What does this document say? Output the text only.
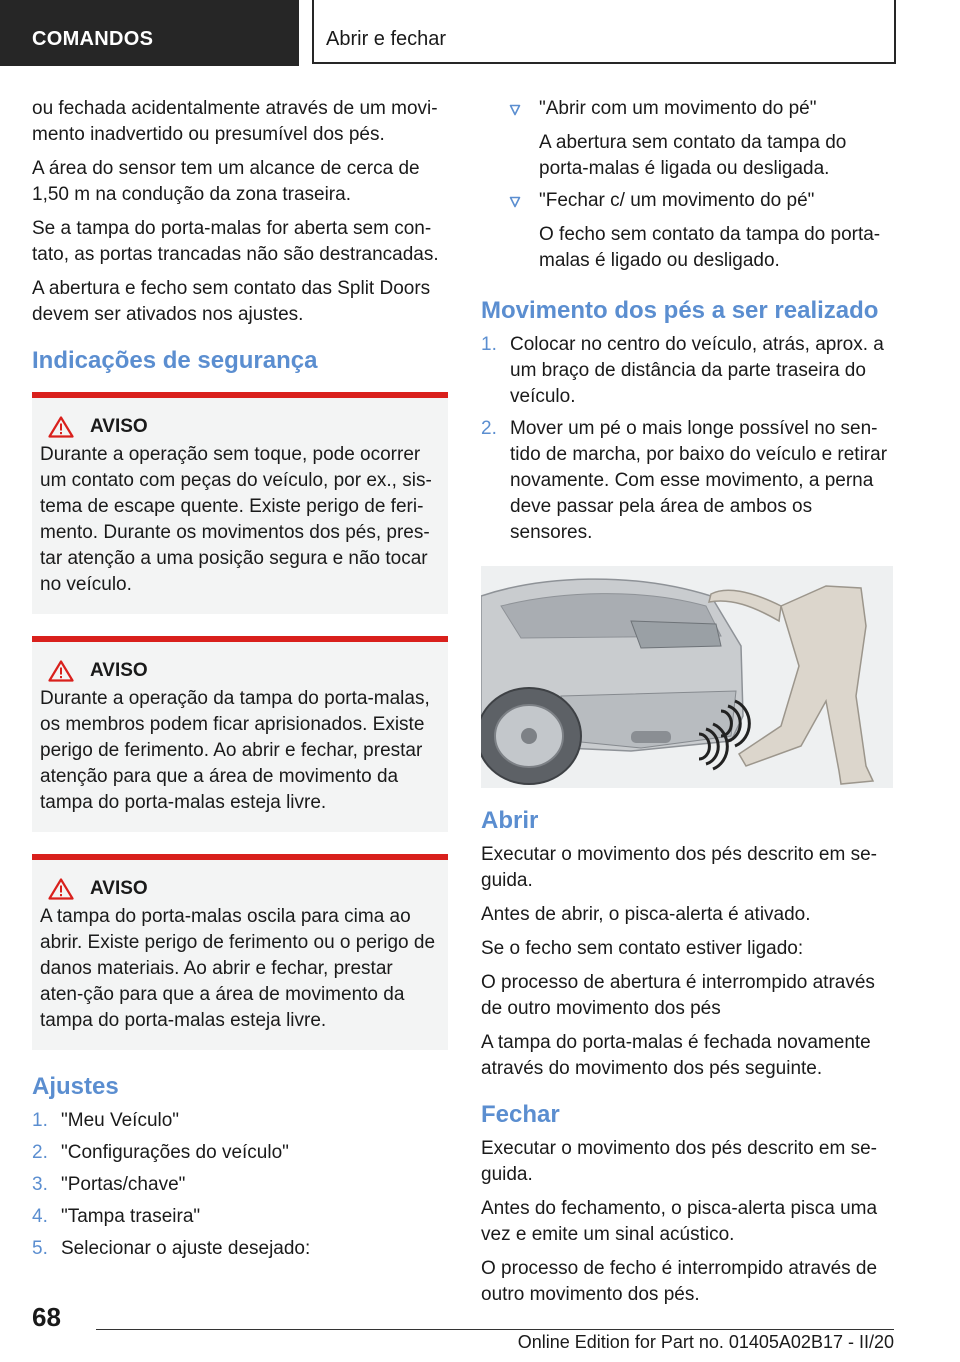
COMANDOS	Abrir e fechar

ou fechada acidentalmente através de um movi-mento inadvertido ou presumível dos pés.

A área do sensor tem um alcance de cerca de 1,50 m na condução da zona traseira.

Se a tampa do porta-malas for aberta sem con-tato, as portas trancadas não são destrancadas.

A abertura e fecho sem contato das Split Doors devem ser ativados nos ajustes.

Indicações de segurança
AVISO

Durante a operação sem toque, pode ocorrer um contato com peças do veículo, por ex., sis-tema de escape quente. Existe perigo de feri-mento. Durante os movimentos dos pés, pres-tar atenção a uma posição segura e não tocar no veículo.

AVISO

Durante a operação da tampa do porta-malas, os membros podem ficar aprisionados. Existe perigo de ferimento. Ao abrir e fechar, prestar atenção para que a área de movimento da tampa do porta-malas esteja livre.

AVISO

A tampa do porta-malas oscila para cima ao abrir. Existe perigo de ferimento ou o perigo de danos materiais. Ao abrir e fechar, prestar aten-ção para que a área de movimento da tampa do porta-malas esteja livre.

Ajustes
1. "Meu Veículo"
2. "Configurações do veículo"
3. "Portas/chave"
4. "Tampa traseira"
5. Selecionar o ajuste desejado:
"Abrir com um movimento do pé"
A abertura sem contato da tampa do porta-malas é ligada ou desligada.
"Fechar c/ um movimento do pé"
O fecho sem contato da tampa do porta-malas é ligado ou desligado.
Movimento dos pés a ser realizado
1. Colocar no centro do veículo, atrás, aprox. a um braço de distância da parte traseira do veículo.
2. Mover um pé o mais longe possível no sen-tido de marcha, por baixo do veículo e retirar novamente. Com esse movimento, a perna deve passar pela área de ambos os sensores.
Abrir

Executar o movimento dos pés descrito em se-guida.

Antes de abrir, o pisca-alerta é ativado.

Se o fecho sem contato estiver ligado:

O processo de abertura é interrompido através de outro movimento dos pés

A tampa do porta-malas é fechada novamente através do movimento dos pés seguinte.

Fechar

Executar o movimento dos pés descrito em se-guida.

Antes do fechamento, o pisca-alerta pisca uma vez e emite um sinal acústico.

O processo de fecho é interrompido através de outro movimento dos pés.

68
Online Edition for Part no. 01405A02B17 - II/20
